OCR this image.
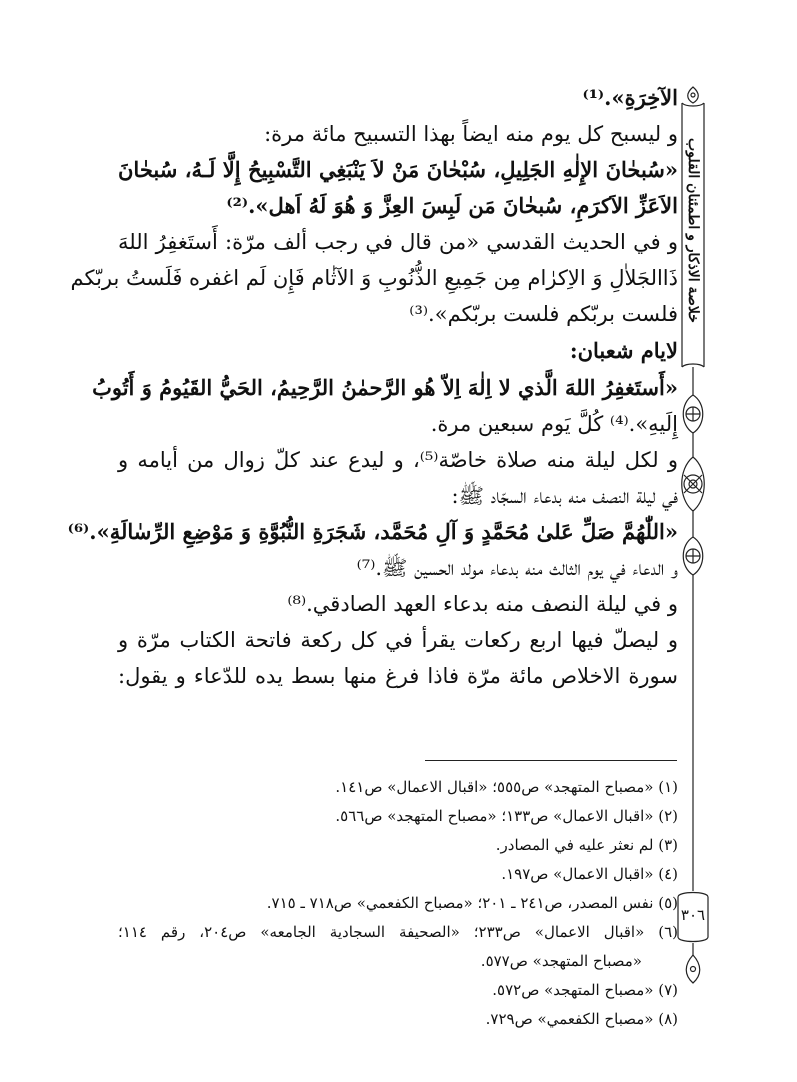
خلاصة الاذكار و اطمئنان القلوب
٣٠٦
الآخِرَةِ».⁽¹⁾
و ليسبح كل يوم منه ايضاً بهذا التسبيح مائة مرة:
«سُبحٰانَ الإِلٰهِ الجَلِيلِ، سُبْحٰانَ مَنْ لاَ يَنْبَغِي التَّسْبِيحُ إِلَّا لَـهُ، سُبحٰانَ
الاَعَزِّ الاَكرَمِ، سُبحٰانَ مَن لَبِسَ العِزَّ وَ هُوَ لَهُ اَهل».⁽²⁾
و في الحديث القدسي «من قال في رجب ألف مرّة: أَستَغفِرُ اللهَ
ذَاالجَلاٰلِ وَ الاِكرٰام مِن جَمِيعِ الذُّنُوبِ وَ الآثٰام فَإِن لَم اغفره فَلَستُ بربّكم
فلست بربّكم فلست بربّكم».⁽³⁾
لايام شعبان:
«أَستَغفِرُ اللهَ الَّذي لا اِلٰهَ اِلاّ هُو الرَّحمٰنُ الرَّحِيمُ، الحَيُّ القَيُومُ وَ أَتُوبُ
إِلَيهِ».⁽⁴⁾ كُلَّ يَوم سبعين مرة.
و لكل ليلة منه صلاة خاصّة⁽⁵⁾، و ليدع عند كلّ زوال من أيامه و
في ليلة النصف منه بدعاء السجّاد ﷺ:
«اللّٰهُمَّ صَلِّ عَلىٰ مُحَمَّدٍ وَ آلِ مُحَمَّد، شَجَرَةِ النُّبُوَّةِ وَ مَوْضِعِ الرِّسٰالَةِ».⁽⁶⁾
و الدعاء في يوم الثالث منه بدعاء مولد الحسين ﷺ.⁽⁷⁾
و في ليلة النصف منه بدعاء العهد الصادقي.⁽⁸⁾
و ليصلّ فيها اربع ركعات يقرأ في كل ركعة فاتحة الكتاب مرّة و
سورة الاخلاص مائة مرّة فاذا فرغ منها بسط يده للدّعاء و يقول:
(١) «مصباح المتهجد» ص٥٥٥؛ «اقبال الاعمال» ص١٤١.
(٢) «اقبال الاعمال» ص١٣٣؛ «مصباح المتهجد» ص٥٦٦.
(٣) لم نعثر عليه في المصادر.
(٤) «اقبال الاعمال» ص١٩٧.
(٥) نفس المصدر، ص٢٤١ ـ ٢٠١؛ «مصباح الكفعمي» ص٧١٨ ـ ٧١٥.
(٦) «اقبال الاعمال» ص٢٣٣؛ «الصحيفة السجادية الجامعه» ص٢٠٤، رقم ١١٤؛
«مصباح المتهجد» ص٥٧٧.
(٧) «مصباح المتهجد» ص٥٧٢.
(٨) «مصباح الكفعمي» ص٧٢٩.
